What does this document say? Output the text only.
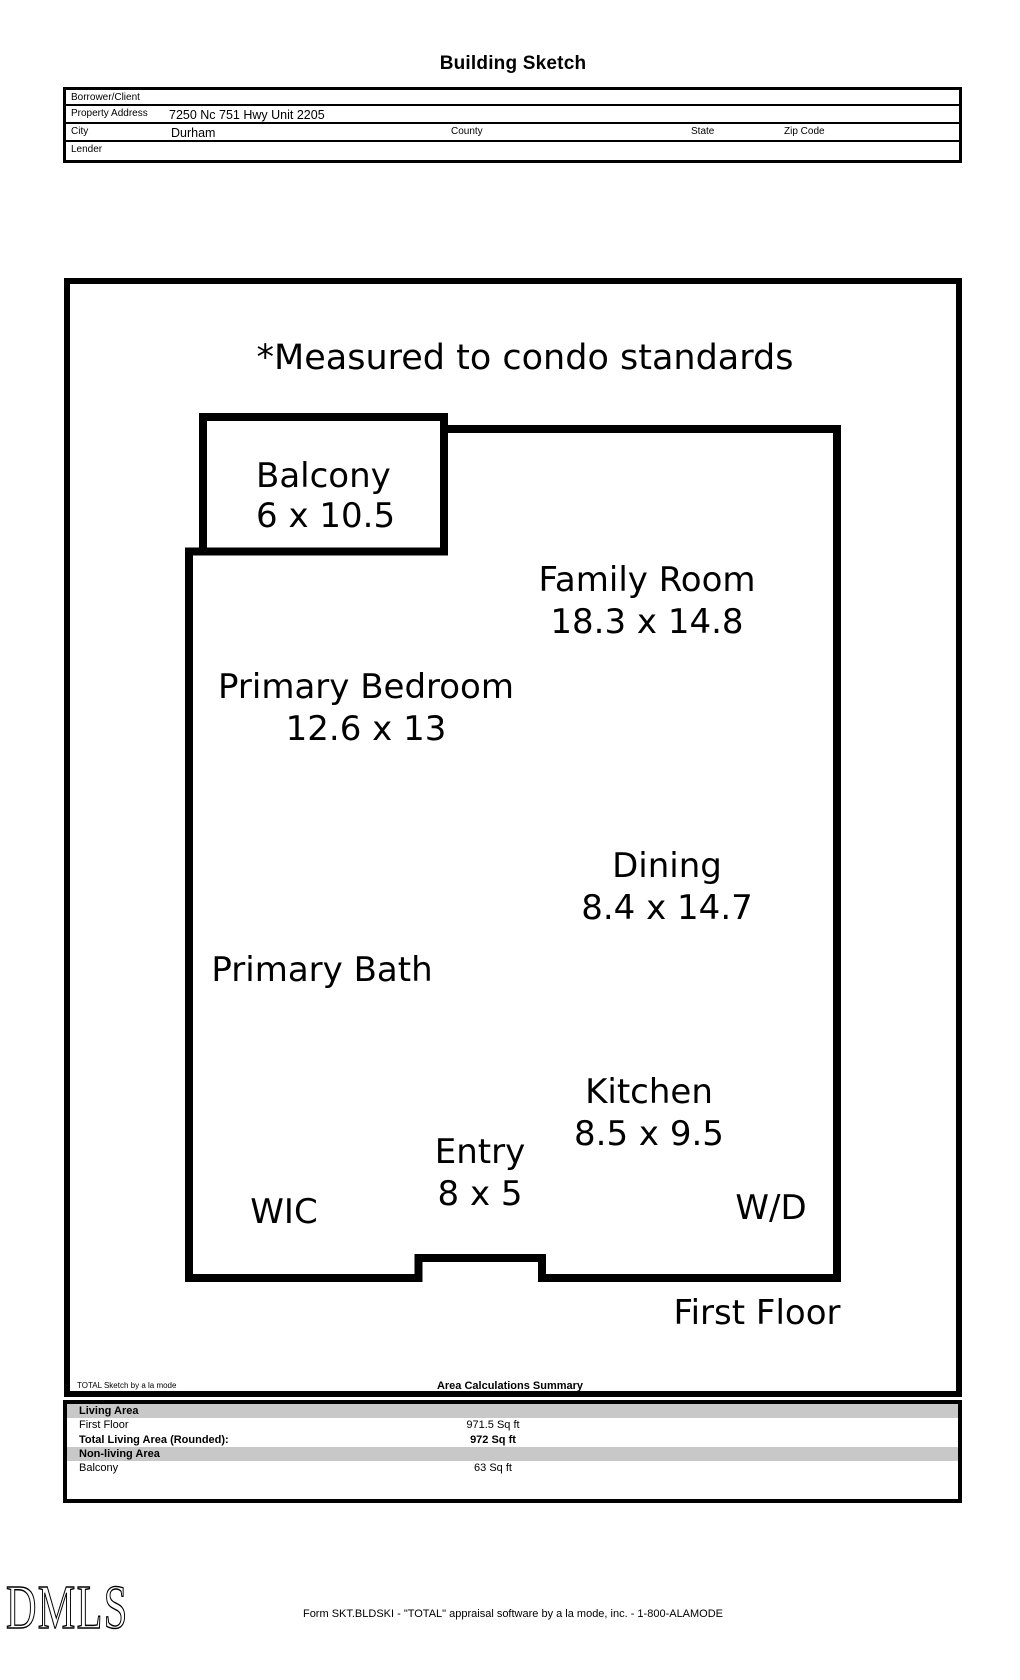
Building Sketch
Borrower/Client
Property Address 7250 Nc 751 Hwy Unit 2205
City	Durham	County	State	Zip Code
Lender
*Measured to condo standards
Balcony
6 x 10.5
Family Room
18.3 x 14.8
Primary Bedroom
12.6 x 13
Dining
8.4 x 14.7
Primary Bath
Kitchen
8.5 x 9.5
Entry
8 x 5
WIC	W/D
First Floor
TOTAL Sketch by a la mode	Area Calculations Summary
Living Area
First Floor	971.5 Sq ft
Total Living Area (Rounded):	972 Sq ft
Non-living Area
Balcony	63 Sq ft
DMLS	Form SKT.BLDSKI - "TOTAL" appraisal software by a la mode, inc. - 1-800-ALAMODE
